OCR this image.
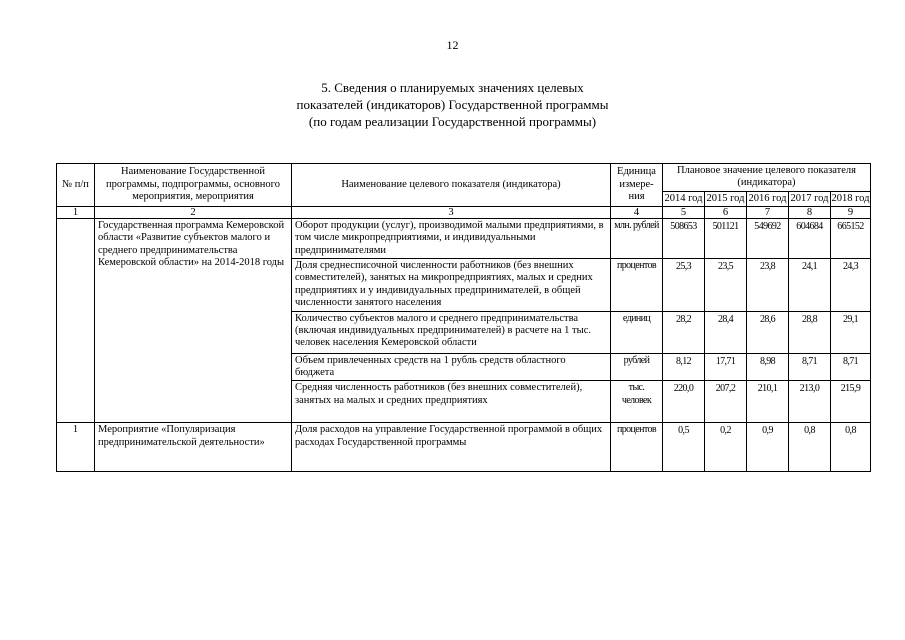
12
5. Сведения о планируемых значениях целевых
показателей (индикаторов) Государственной программы
(по годам реализации Государственной программы)
№ п/п	Наименование Государственной программы, подпрограммы, основного мероприятия, мероприятия	Наименование целевого показателя (индикатора)	Единица измере-ния	Плановое значение целевого показателя (индикатора)				
				2014 год	2015 год	2016 год	2017 год	2018 год
1	2	3	4	5	6	7	8	9
	Государственная программа Кемеровской области «Развитие субъектов малого и среднего предпринимательства Кемеровской области» на 2014-2018 годы	Оборот продукции (услуг), производимой малыми предприятиями, в том числе микропредприятиями, и индивидуальными предпринимателями	млн. рублей	508653	501121	549692	604684	665152
		Доля среднесписочной численности работников (без внешних совместителей), занятых на микропредприятиях, малых и средних предприятиях и у индивидуальных предпринимателей, в общей численности занятого населения	процентов	25,3	23,5	23,8	24,1	24,3
		Количество субъектов малого и среднего предпринимательства (включая индивидуальных предпринимателей) в расчете на 1 тыс. человек населения Кемеровской области	единиц	28,2	28,4	28,6	28,8	29,1
		Объем привлеченных средств на 1 рубль средств областного бюджета	рублей	8,12	17,71	8,98	8,71	8,71
		Средняя численность работников (без внешних совместителей), занятых на малых и средних предприятиях	тыс. человек	220,0	207,2	210,1	213,0	215,9
1	Мероприятие «Популяризация предпринимательской деятельности»	Доля расходов на управление Государственной программой в общих расходах Государственной программы	процентов	0,5	0,2	0,9	0,8	0,8
